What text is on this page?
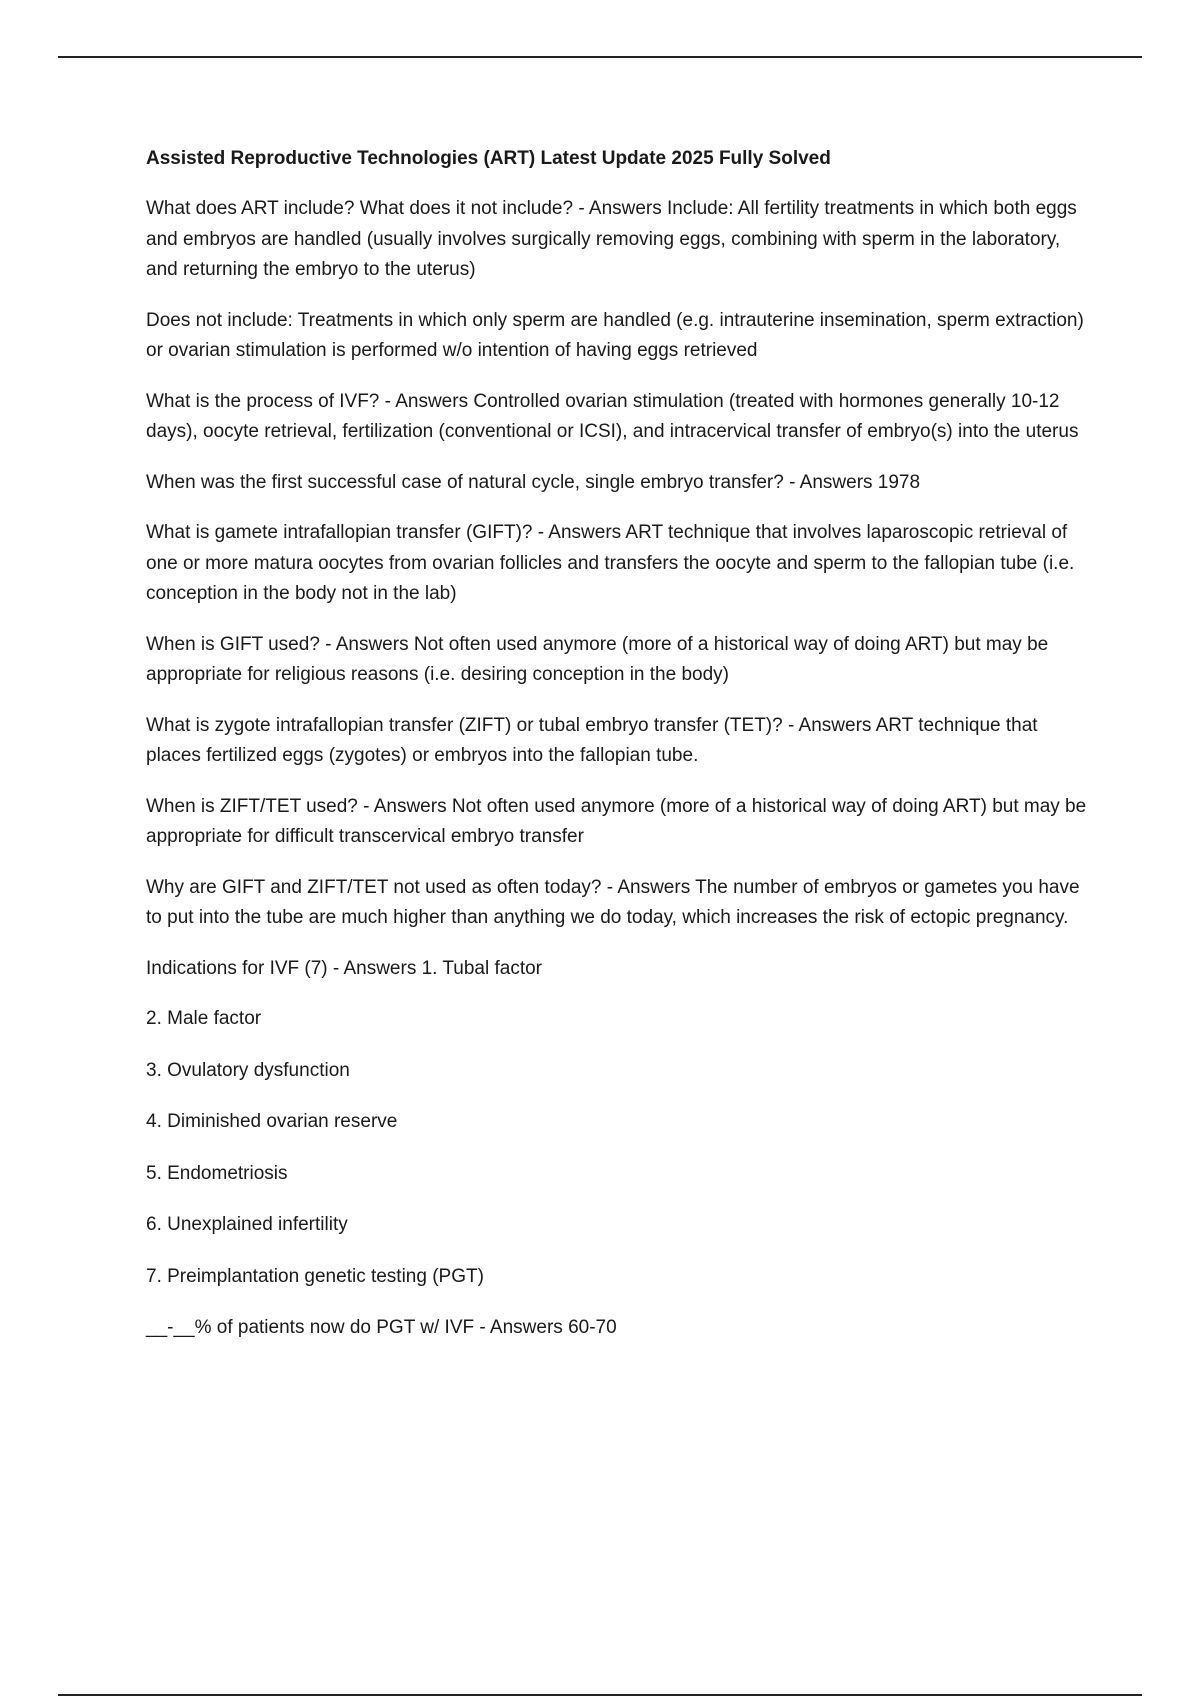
Assisted Reproductive Technologies (ART) Latest Update 2025 Fully Solved

What does ART include? What does it not include? - Answers Include: All fertility treatments in which both eggs and embryos are handled (usually involves surgically removing eggs, combining with sperm in the laboratory, and returning the embryo to the uterus)

Does not include: Treatments in which only sperm are handled (e.g. intrauterine insemination, sperm extraction) or ovarian stimulation is performed w/o intention of having eggs retrieved

What is the process of IVF? - Answers Controlled ovarian stimulation (treated with hormones generally 10-12 days), oocyte retrieval, fertilization (conventional or ICSI), and intracervical transfer of embryo(s) into the uterus

When was the first successful case of natural cycle, single embryo transfer? - Answers 1978

What is gamete intrafallopian transfer (GIFT)? - Answers ART technique that involves laparoscopic retrieval of one or more matura oocytes from ovarian follicles and transfers the oocyte and sperm to the fallopian tube (i.e. conception in the body not in the lab)

When is GIFT used? - Answers Not often used anymore (more of a historical way of doing ART) but may be appropriate for religious reasons (i.e. desiring conception in the body)

What is zygote intrafallopian transfer (ZIFT) or tubal embryo transfer (TET)? - Answers ART technique that places fertilized eggs (zygotes) or embryos into the fallopian tube.

When is ZIFT/TET used? - Answers Not often used anymore (more of a historical way of doing ART) but may be appropriate for difficult transcervical embryo transfer

Why are GIFT and ZIFT/TET not used as often today? - Answers The number of embryos or gametes you have to put into the tube are much higher than anything we do today, which increases the risk of ectopic pregnancy.

Indications for IVF (7) - Answers 1. Tubal factor

2. Male factor
3. Ovulatory dysfunction
4. Diminished ovarian reserve
5. Endometriosis
6. Unexplained infertility
7. Preimplantation genetic testing (PGT)

__-__% of patients now do PGT w/ IVF - Answers 60-70
